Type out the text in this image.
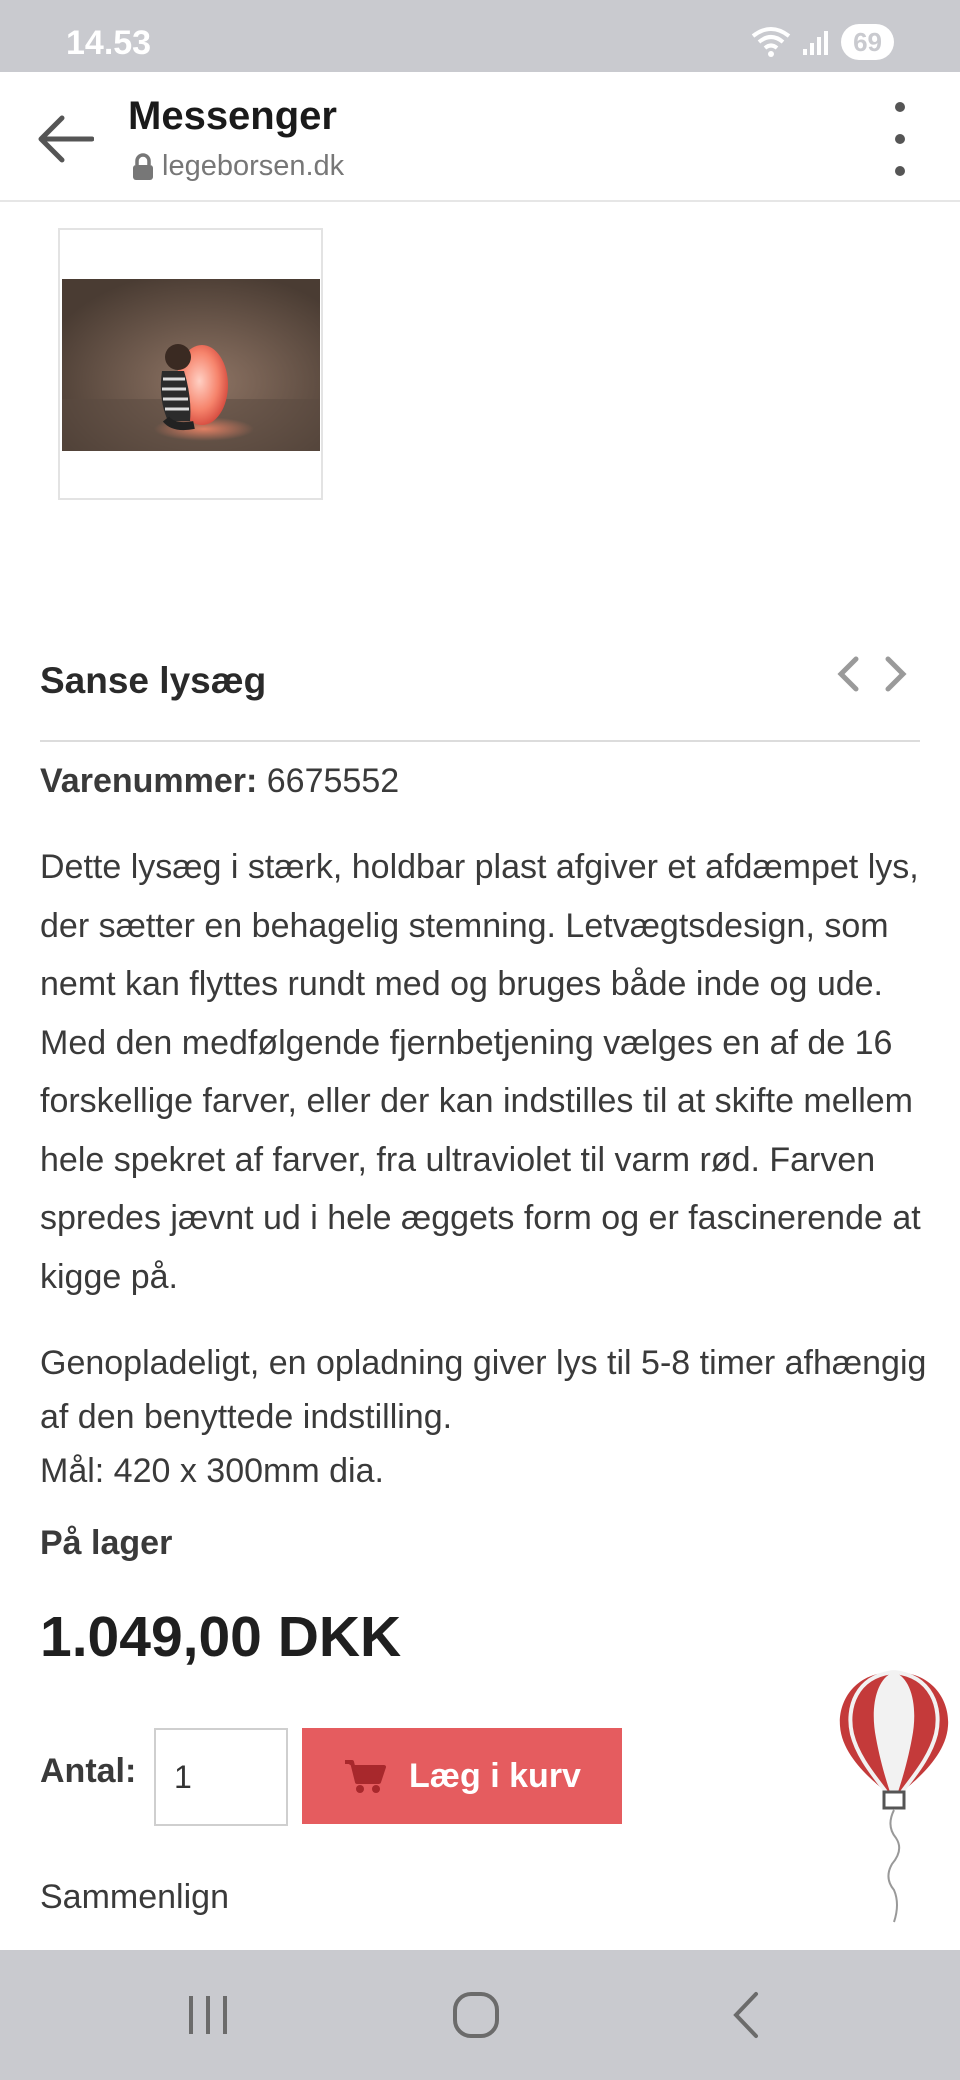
14.53	69
Messenger
legeborsen.dk
Sanse lysæg
Varenummer: 6675552
Dette lysæg i stærk, holdbar plast afgiver et afdæmpet lys, der sætter en behagelig stemning. Letvægtsdesign, som nemt kan flyttes rundt med og bruges både inde og ude. Med den medfølgende fjernbetjening vælges en af de 16 forskellige farver, eller der kan indstilles til at skifte mellem hele spekret af farver, fra ultraviolet til varm rød. Farven spredes jævnt ud i hele æggets form og er fascinerende at kigge på.
Genopladeligt, en opladning giver lys til 5-8 timer afhængig af den benyttede indstilling.
Mål: 420 x 300mm dia.
På lager
1.049,00 DKK
Antal:
1	Læg i kurv
Sammenlign
